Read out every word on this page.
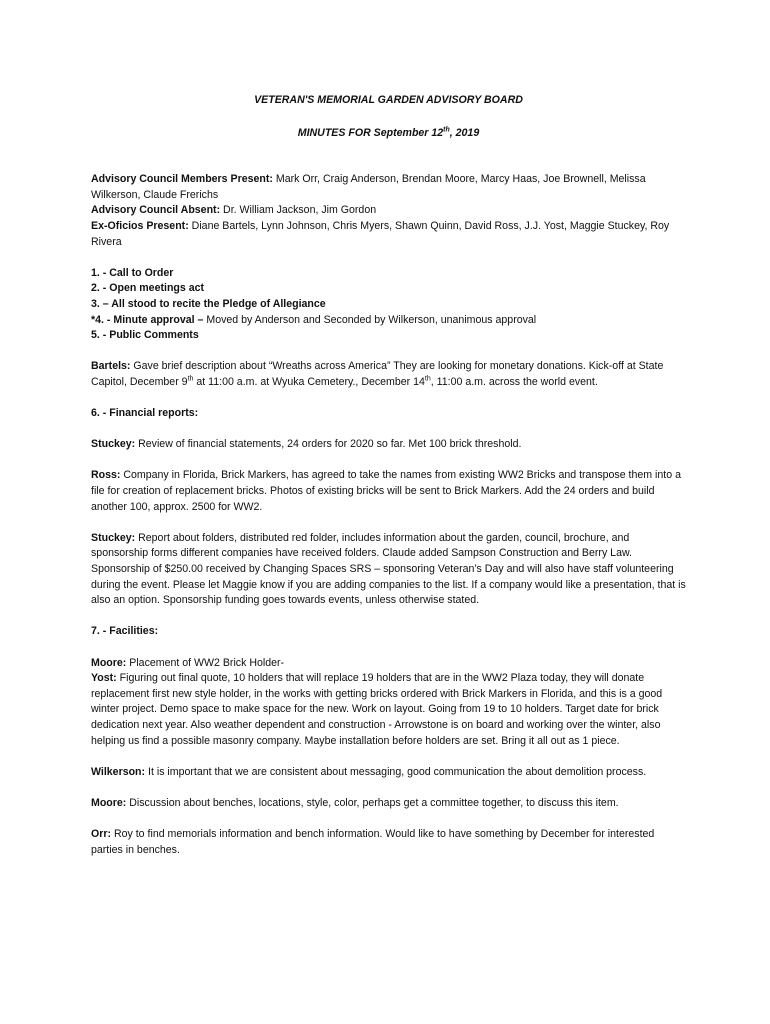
VETERAN'S MEMORIAL GARDEN ADVISORY BOARD

MINUTES FOR September 12th, 2019

Advisory Council Members Present: Mark Orr, Craig Anderson, Brendan Moore, Marcy Haas, Joe Brownell, Melissa Wilkerson, Claude Frerichs

Advisory Council Absent: Dr. William Jackson, Jim Gordon

Ex-Oficios Present: Diane Bartels, Lynn Johnson, Chris Myers, Shawn Quinn, David Ross, J.J. Yost, Maggie Stuckey, Roy Rivera

1. - Call to Order

2. - Open meetings act

3. – All stood to recite the Pledge of Allegiance

*4. - Minute approval – Moved by Anderson and Seconded by Wilkerson, unanimous approval

5. - Public Comments

Bartels: Gave brief description about “Wreaths across America” They are looking for monetary donations. Kick-off at State Capitol, December 9th at 11:00 a.m. at Wyuka Cemetery., December 14th, 11:00 a.m. across the world event.

6. - Financial reports:

Stuckey: Review of financial statements, 24 orders for 2020 so far. Met 100 brick threshold.

Ross: Company in Florida, Brick Markers, has agreed to take the names from existing WW2 Bricks and transpose them into a file for creation of replacement bricks. Photos of existing bricks will be sent to Brick Markers. Add the 24 orders and build another 100, approx. 2500 for WW2.

Stuckey: Report about folders, distributed red folder, includes information about the garden, council, brochure, and sponsorship forms different companies have received folders. Claude added Sampson Construction and Berry Law. Sponsorship of $250.00 received by Changing Spaces SRS – sponsoring Veteran’s Day and will also have staff volunteering during the event. Please let Maggie know if you are adding companies to the list. If a company would like a presentation, that is also an option. Sponsorship funding goes towards events, unless otherwise stated.

7. - Facilities:

Moore: Placement of WW2 Brick Holder-

Yost: Figuring out final quote, 10 holders that will replace 19 holders that are in the WW2 Plaza today, they will donate replacement first new style holder, in the works with getting bricks ordered with Brick Markers in Florida, and this is a good winter project. Demo space to make space for the new. Work on layout. Going from 19 to 10 holders. Target date for brick dedication next year. Also weather dependent and construction - Arrowstone is on board and working over the winter, also helping us find a possible masonry company. Maybe installation before holders are set. Bring it all out as 1 piece.

Wilkerson: It is important that we are consistent about messaging, good communication the about demolition process.

Moore: Discussion about benches, locations, style, color, perhaps get a committee together, to discuss this item.

Orr: Roy to find memorials information and bench information. Would like to have something by December for interested parties in benches.
